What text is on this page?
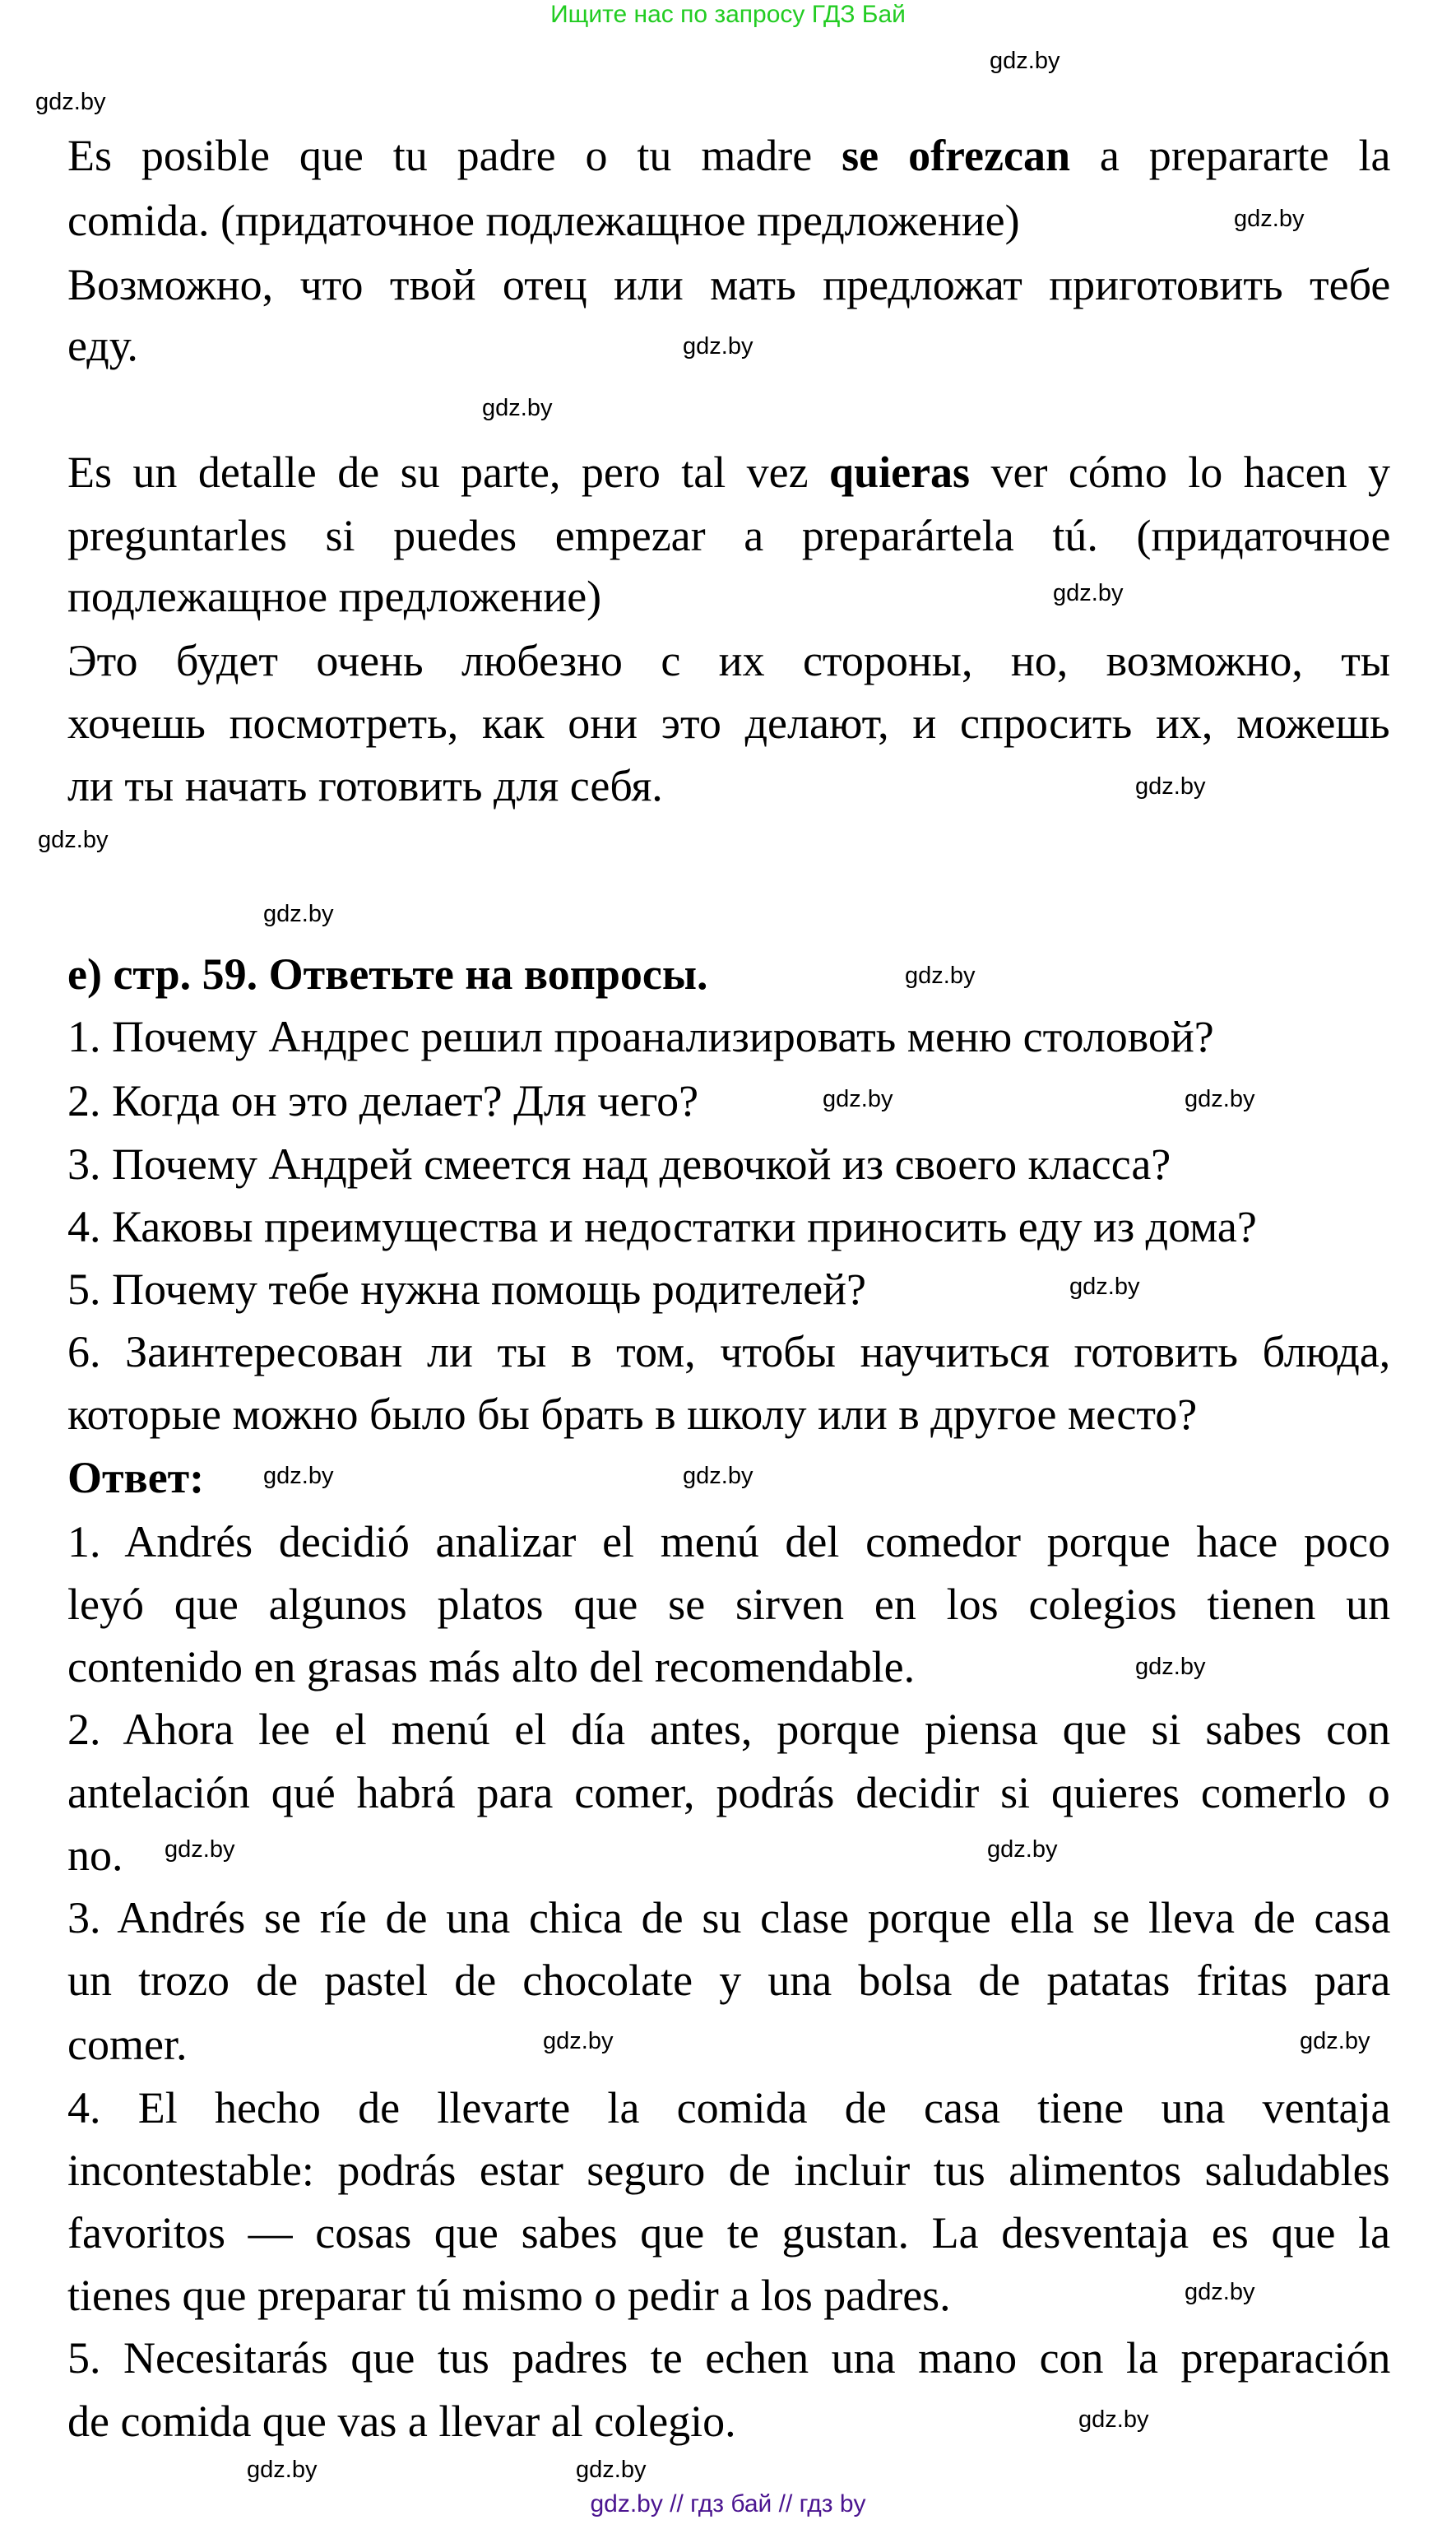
Ищите нас по запросу ГДЗ Бай
Es posible que tu padre o tu madre se ofrezcan a prepararte la
comida. (придаточное подлежащное предложение)
Возможно, что твой отец или мать предложат приготовить тебе
еду.
Es un detalle de su parte, pero tal vez quieras ver cómo lo hacen y
preguntarles si puedes empezar a preparártela tú. (придаточное
подлежащное предложение)
Это будет очень любезно с их стороны, но, возможно, ты
хочешь посмотреть, как они это делают, и спросить их, можешь
ли ты начать готовить для себя.
е) стр. 59. Ответьте на вопросы.
1. Почему Андрес решил проанализировать меню столовой?
2. Когда он это делает? Для чего?
3. Почему Андрей смеется над девочкой из своего класса?
4. Каковы преимущества и недостатки приносить еду из дома?
5. Почему тебе нужна помощь родителей?
6. Заинтересован ли ты в том, чтобы научиться готовить блюда,
которые можно было бы брать в школу или в другое место?
Ответ:
1. Andrés decidió analizar el menú del comedor porque hace poco
leyó que algunos platos que se sirven en los colegios tienen un
contenido en grasas más alto del recomendable.
2. Ahora lee el menú el día antes, porque piensa que si sabes con
antelación qué habrá para comer, podrás decidir si quieres comerlo o
no.
3. Andrés se ríe de una chica de su clase porque ella se lleva de casa
un trozo de pastel de chocolate y una bolsa de patatas fritas para
comer.
4. El hecho de llevarte la comida de casa tiene una ventaja
incontestable: podrás estar seguro de incluir tus alimentos saludables
favoritos — cosas que sabes que te gustan. La desventaja es que la
tienes que preparar tú mismo o pedir a los padres.
5. Necesitarás que tus padres te echen una mano con la preparación
de comida que vas a llevar al colegio.
gdz.by
gdz.by
gdz.by
gdz.by
gdz.by
gdz.by
gdz.by
gdz.by
gdz.by
gdz.by
gdz.by	gdz.by
gdz.by
gdz.by	gdz.by
gdz.by
gdz.by	gdz.by
gdz.by
gdz.by
gdz.by
gdz.by
gdz.by
gdz.by
gdz.by // гдз бай // гдз by
